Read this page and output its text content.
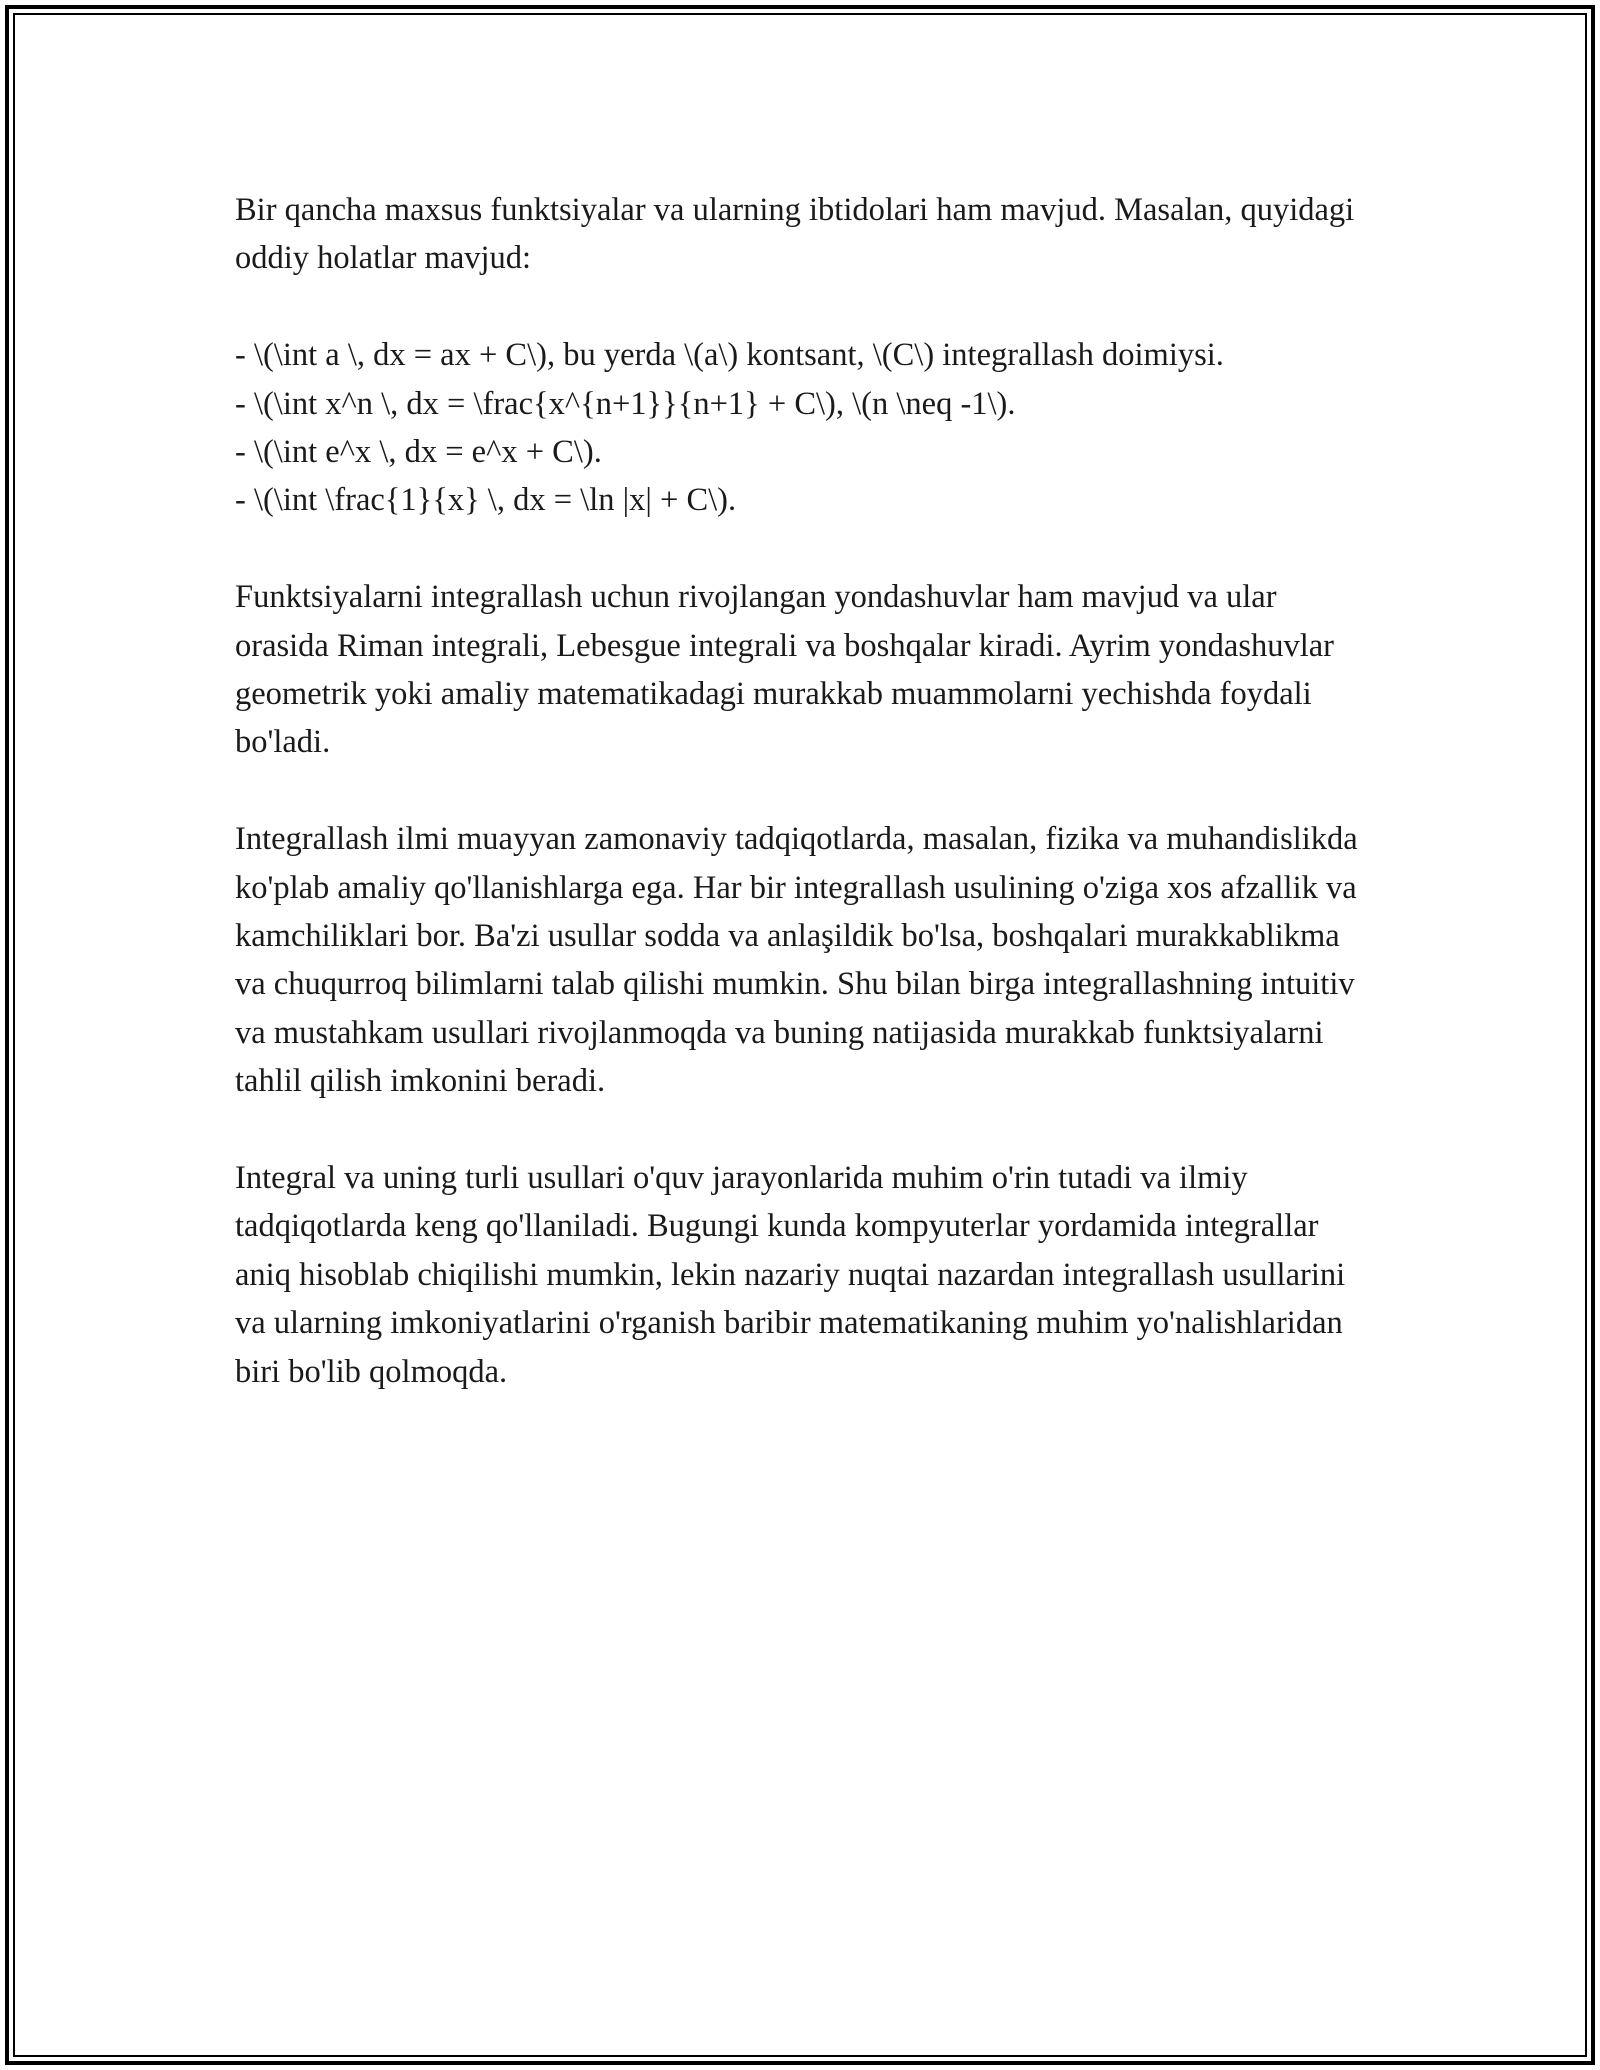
Bir qancha maxsus funktsiyalar va ularning ibtidolari ham mavjud. Masalan, quyidagi oddiy holatlar mavjud:

- \(\int a \, dx = ax + C\), bu yerda \(a\) kontsant, \(C\) integrallash doimiysi.
- \(\int x^n \, dx = \frac{x^{n+1}}{n+1} + C\), \(n \neq -1\).
- \(\int e^x \, dx = e^x + C\).
- \(\int \frac{1}{x} \, dx = \ln |x| + C\).

Funktsiyalarni integrallash uchun rivojlangan yondashuvlar ham mavjud va ular orasida Riman integrali, Lebesgue integrali va boshqalar kiradi. Ayrim yondashuvlar geometrik yoki amaliy matematikadagi murakkab muammolarni yechishda foydali bo'ladi.

Integrallash ilmi muayyan zamonaviy tadqiqotlarda, masalan, fizika va muhandislikda ko'plab amaliy qo'llanishlarga ega. Har bir integrallash usulining o'ziga xos afzallik va kamchiliklari bor. Ba'zi usullar sodda va anlaşildik bo'lsa, boshqalari murakkablikma va chuqurroq bilimlarni talab qilishi mumkin. Shu bilan birga integrallashning intuitiv va mustahkam usullari rivojlanmoqda va buning natijasida murakkab funktsiyalarni tahlil qilish imkonini beradi.

Integral va uning turli usullari o'quv jarayonlarida muhim o'rin tutadi va ilmiy tadqiqotlarda keng qo'llaniladi. Bugungi kunda kompyuterlar yordamida integrallar aniq hisoblab chiqilishi mumkin, lekin nazariy nuqtai nazardan integrallash usullarini va ularning imkoniyatlarini o'rganish baribir matematikaning muhim yo'nalishlaridan biri bo'lib qolmoqda.
